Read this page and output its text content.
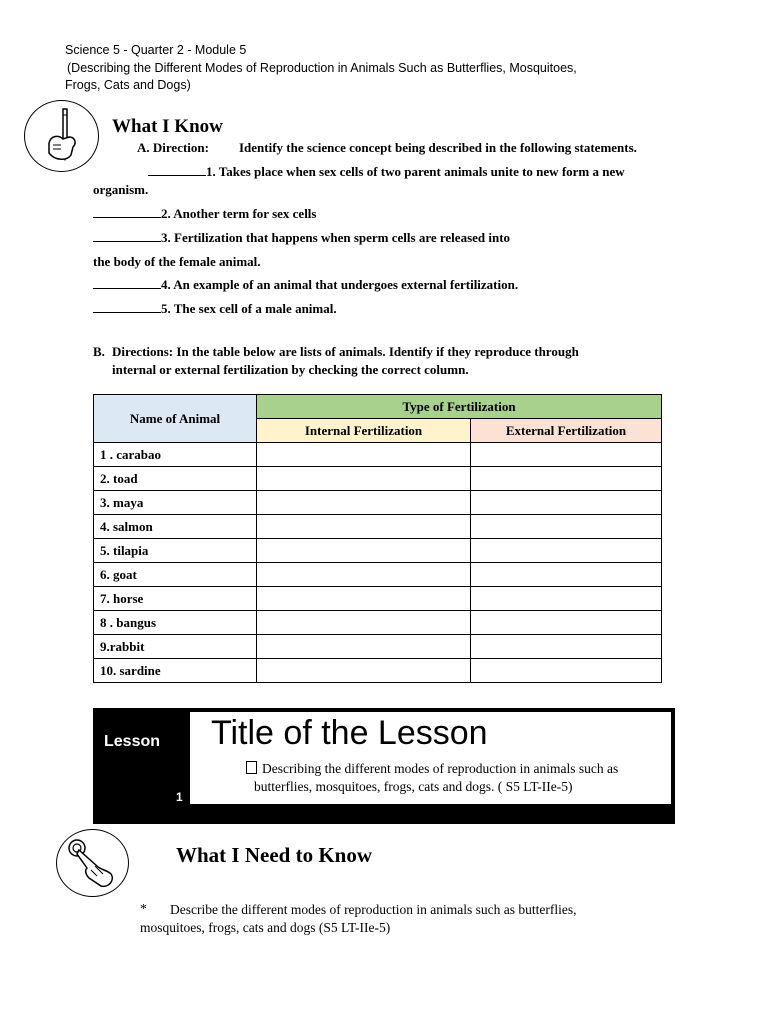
Science 5 - Quarter 2 - Module 5
(Describing the Different Modes of Reproduction in Animals Such as Butterflies, Mosquitoes,
Frogs, Cats and Dogs)
What I Know
A. Direction: Identify the science concept being described in the following statements.
1. Takes place when sex cells of two parent animals unite to new form a new
organism.
2. Another term for sex cells
3. Fertilization that happens when sperm cells are released into
the body of the female animal.
4. An example of an animal that undergoes external fertilization.
5. The sex cell of a male animal.
B. Directions: In the table below are lists of animals. Identify if they reproduce through
internal or external fertilization by checking the correct column.
Name of Animal	Type of Fertilization	
	Internal Fertilization	External Fertilization
1 . carabao		
2. toad		
3. maya		
4. salmon		
5. tilapia		
6. goat		
7. horse		
8 . bangus		
9.rabbit		
10. sardine		
Lesson
1
Title of the Lesson
Describing the different modes of reproduction in animals such as
butterflies, mosquitoes, frogs, cats and dogs. ( S5 LT-IIe-5)
What I Need to Know
* Describe the different modes of reproduction in animals such as butterflies,
mosquitoes, frogs, cats and dogs (S5 LT-IIe-5)
